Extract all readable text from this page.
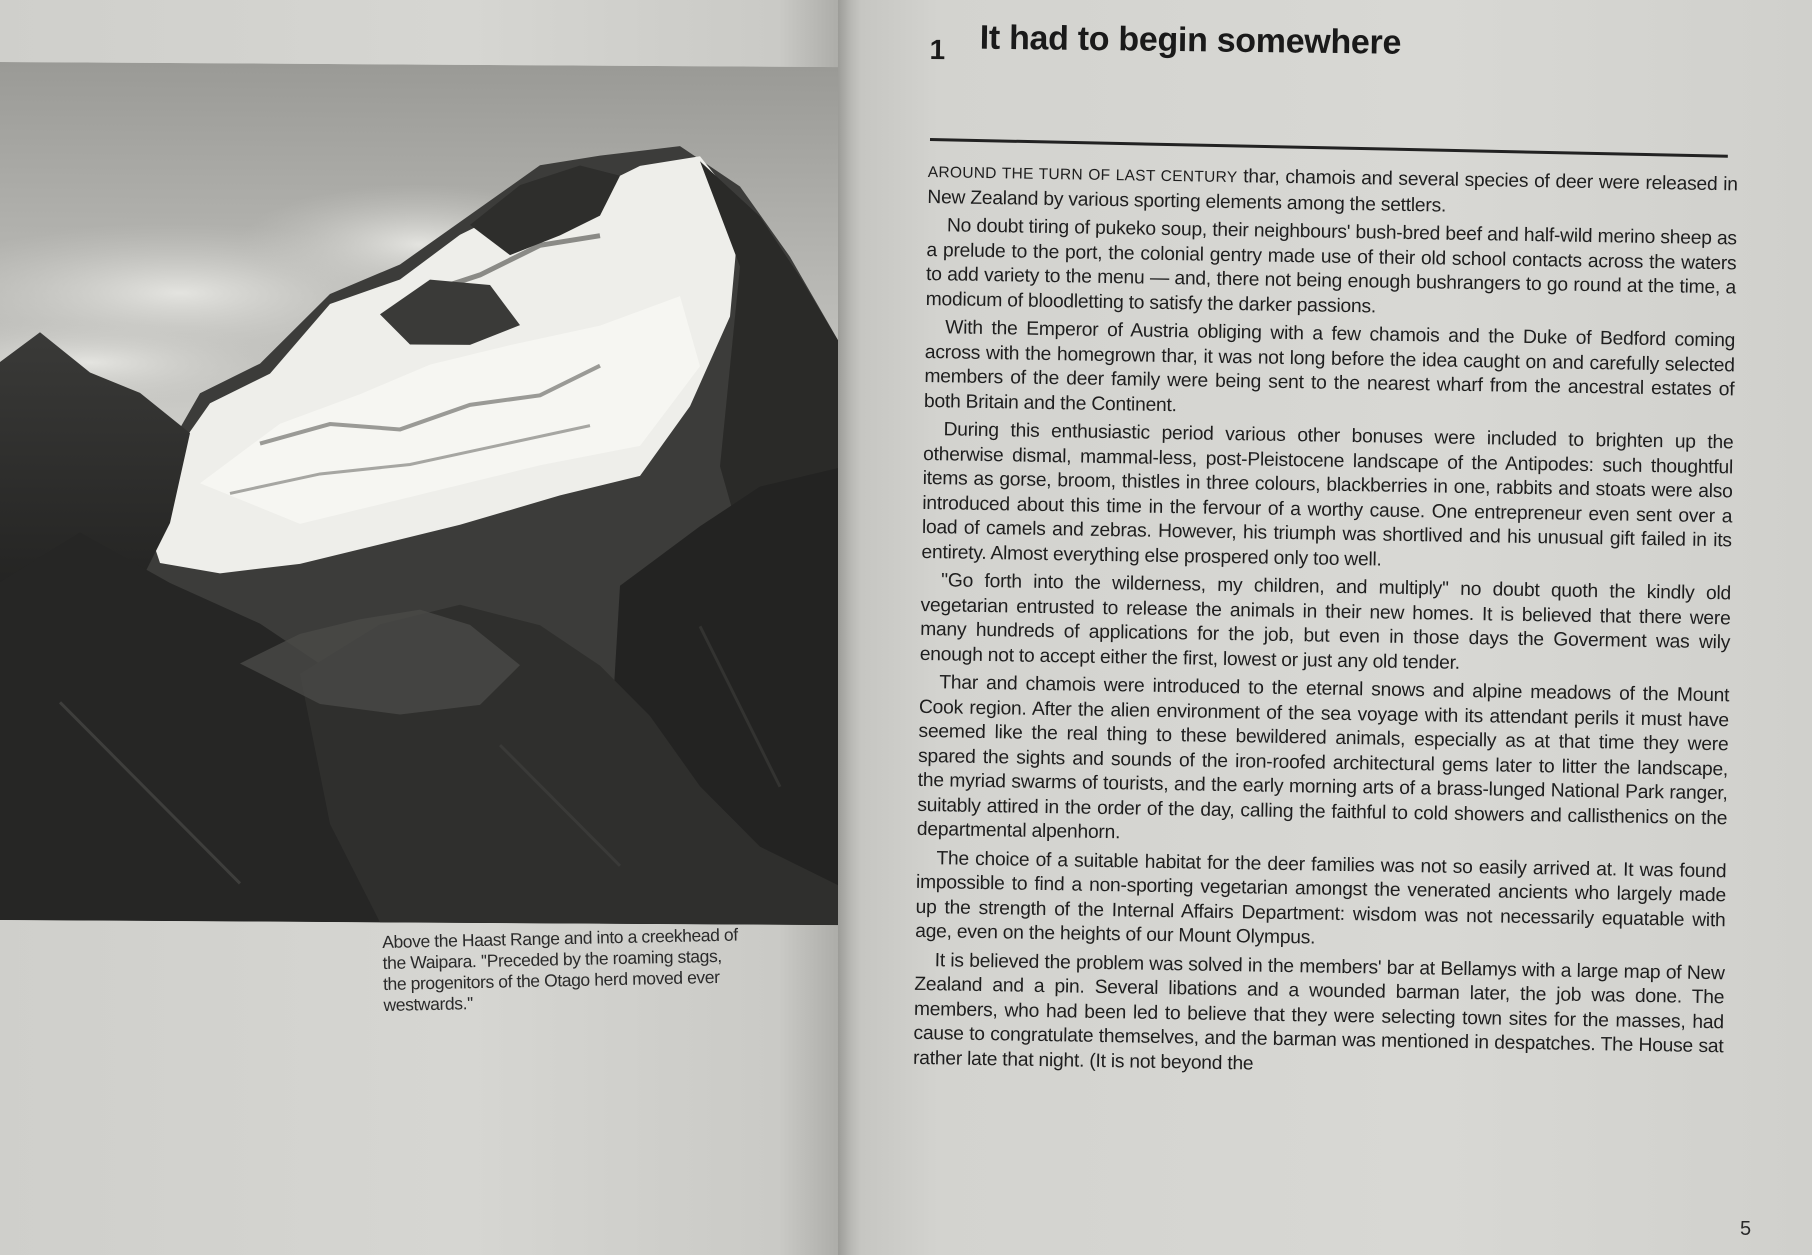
Above the Haast Range and into a creekhead of
the Waipara. ''Preceded by the roaming stags,
the progenitors of the Otago herd moved ever
westwards.''
1 It had to begin somewhere

AROUND THE TURN OF LAST CENTURY thar, chamois and several species of deer were released in New Zealand by various sporting elements among the settlers.

No doubt tiring of pukeko soup, their neighbours' bush-bred beef and half-wild merino sheep as a prelude to the port, the colonial gentry made use of their old school contacts across the waters to add variety to the menu — and, there not being enough bushrangers to go round at the time, a modicum of bloodletting to satisfy the darker passions.

With the Emperor of Austria obliging with a few chamois and the Duke of Bedford coming across with the homegrown thar, it was not long before the idea caught on and carefully selected members of the deer family were being sent to the nearest wharf from the ancestral estates of both Britain and the Continent.

During this enthusiastic period various other bonuses were included to brighten up the otherwise dismal, mammal-less, post-Pleistocene landscape of the Antipodes: such thoughtful items as gorse, broom, thistles in three colours, blackberries in one, rabbits and stoats were also introduced about this time in the fervour of a worthy cause. One entrepreneur even sent over a load of camels and zebras. However, his triumph was shortlived and his unusual gift failed in its entirety. Almost everything else prospered only too well.

''Go forth into the wilderness, my children, and multiply'' no doubt quoth the kindly old vegetarian entrusted to release the animals in their new homes. It is believed that there were many hundreds of applications for the job, but even in those days the Goverment was wily enough not to accept either the first, lowest or just any old tender.

Thar and chamois were introduced to the eternal snows and alpine meadows of the Mount Cook region. After the alien environment of the sea voyage with its attendant perils it must have seemed like the real thing to these bewildered animals, especially as at that time they were spared the sights and sounds of the iron-roofed architectural gems later to litter the landscape, the myriad swarms of tourists, and the early morning arts of a brass-lunged National Park ranger, suitably attired in the order of the day, calling the faithful to cold showers and callisthenics on the departmental alpenhorn.

The choice of a suitable habitat for the deer families was not so easily arrived at. It was found impossible to find a non-sporting vegetarian amongst the venerated ancients who largely made up the strength of the Internal Affairs Department: wisdom was not necessarily equatable with age, even on the heights of our Mount Olympus.

It is believed the problem was solved in the members' bar at Bellamys with a large map of New Zealand and a pin. Several libations and a wounded barman later, the job was done. The members, who had been led to believe that they were selecting town sites for the masses, had cause to congratulate themselves, and the barman was mentioned in despatches. The House sat rather late that night. (It is not beyond the

5
